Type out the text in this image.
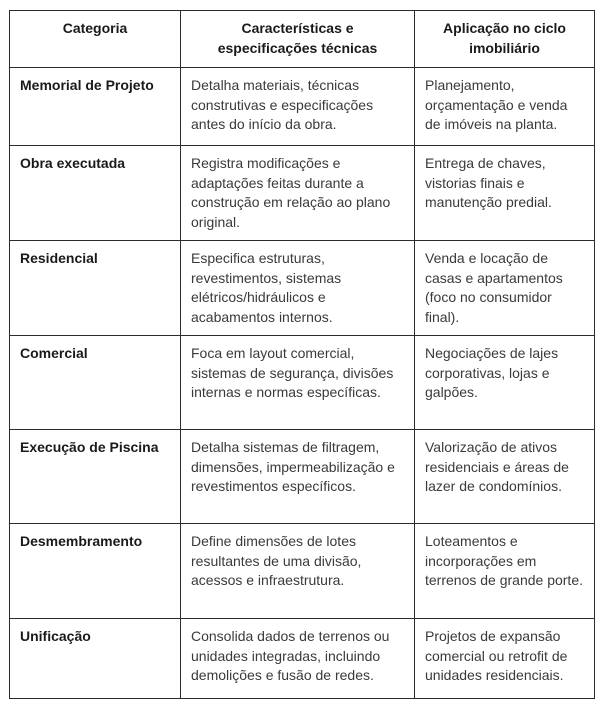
Categoria	Características e especificações técnicas	Aplicação no ciclo imobiliário
Memorial de Projeto	Detalha materiais, técnicas construtivas e especificações antes do início da obra.	Planejamento, orçamentação e venda de imóveis na planta.
Obra executada	Registra modificações e adaptações feitas durante a construção em relação ao plano original.	Entrega de chaves, vistorias finais e manutenção predial.
Residencial	Especifica estruturas, revestimentos, sistemas elétricos/hidráulicos e acabamentos internos.	Venda e locação de casas e apartamentos (foco no consumidor final).
Comercial	Foca em layout comercial, sistemas de segurança, divisões internas e normas específicas.	Negociações de lajes corporativas, lojas e galpões.
Execução de Piscina	Detalha sistemas de filtragem, dimensões, impermeabilização e revestimentos específicos.	Valorização de ativos residenciais e áreas de lazer de condomínios.
Desmembramento	Define dimensões de lotes resultantes de uma divisão, acessos e infraestrutura.	Loteamentos e incorporações em terrenos de grande porte.
Unificação	Consolida dados de terrenos ou unidades integradas, incluindo demolições e fusão de redes.	Projetos de expansão comercial ou retrofit de unidades residenciais.
